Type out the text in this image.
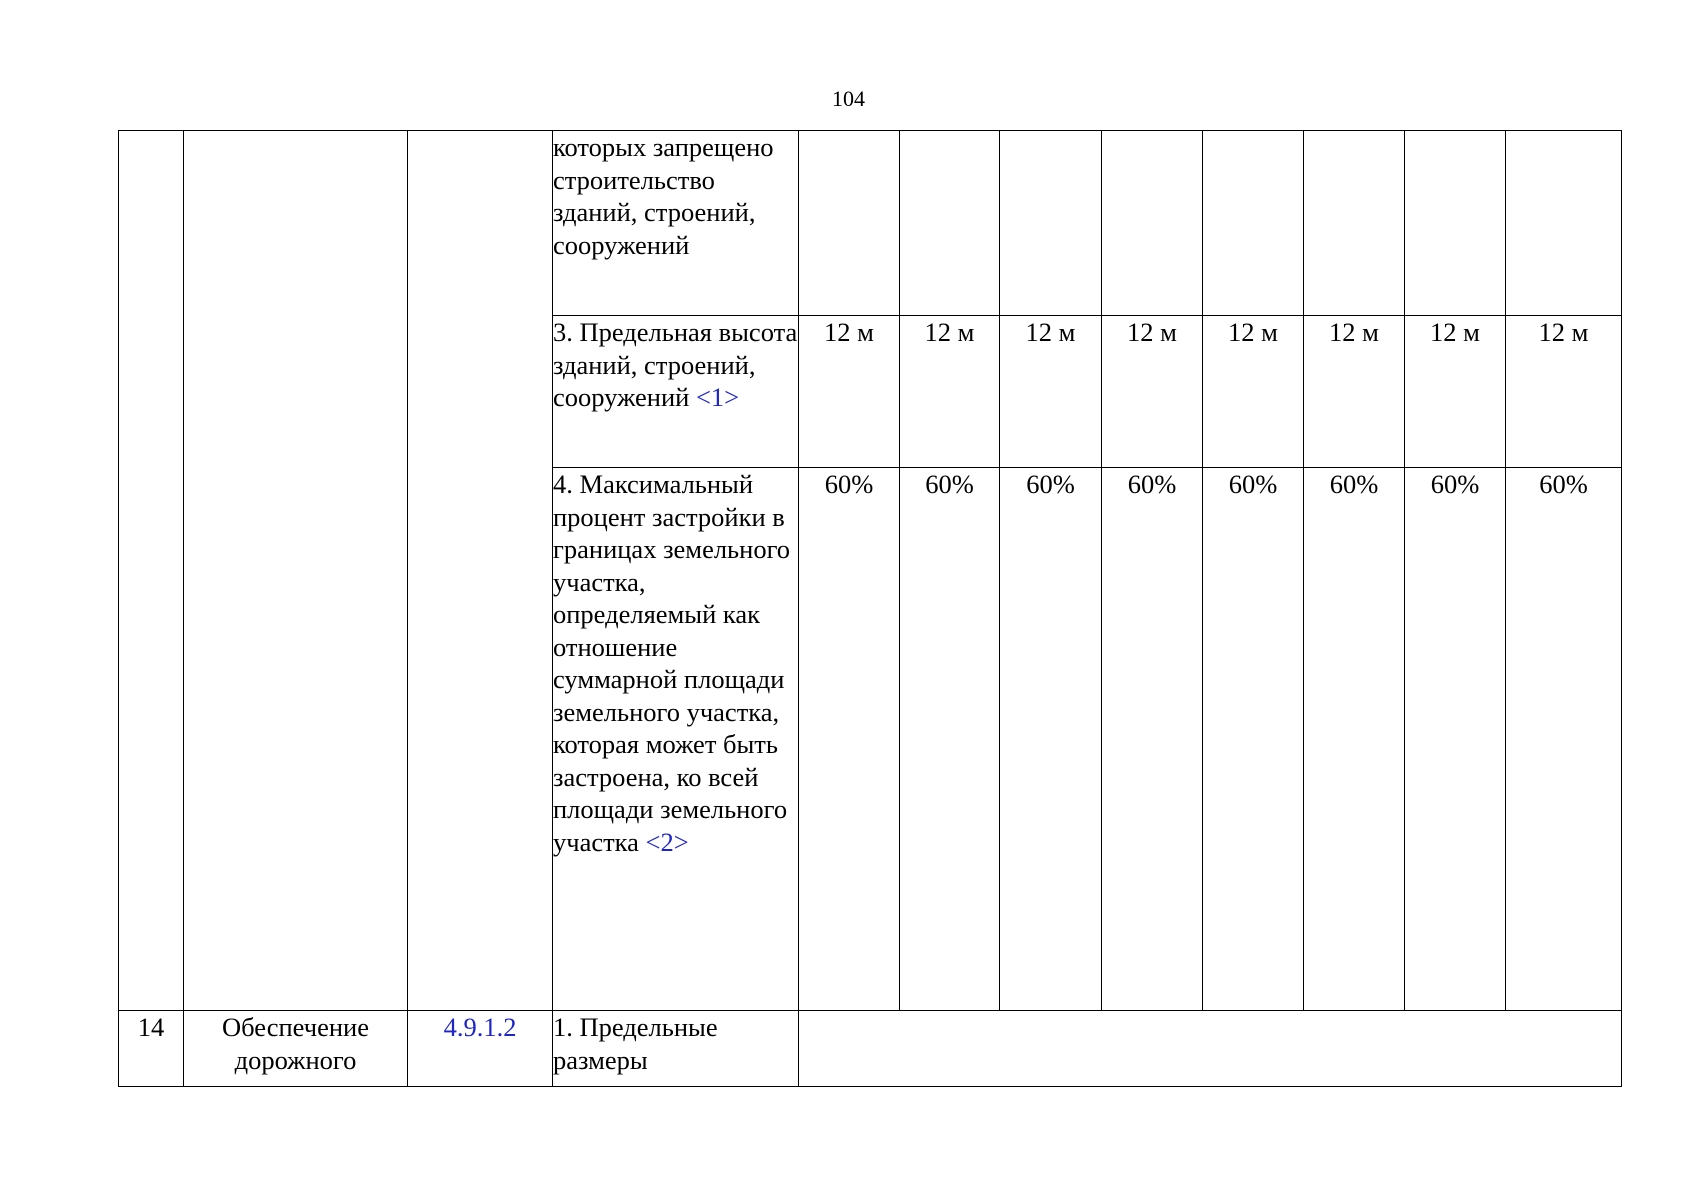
104
			которых запрещено строительство зданий, строений, сооружений								
			3. Предельная высота зданий, строений, сооружений <1>	12 м	12 м	12 м	12 м	12 м	12 м	12 м	12 м
			4. Максимальный процент застройки в границах земельного участка, определяемый как отношение суммарной площади земельного участка, которая может быть застроена, ко всей площади земельного участка <2>	60%	60%	60%	60%	60%	60%	60%	60%
14	Обеспечение дорожного	4.9.1.2	1. Предельные размеры								
